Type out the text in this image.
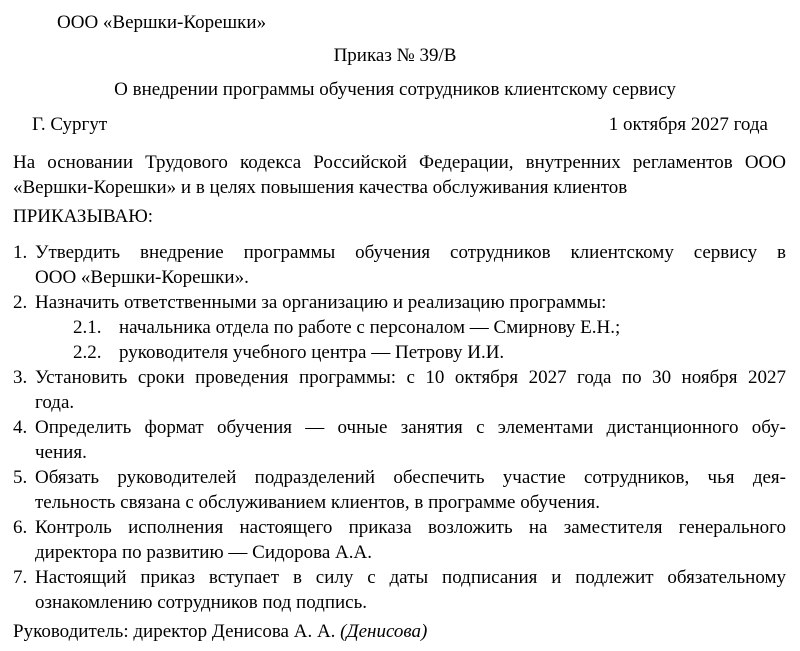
ООО «Вершки-Корешки»
Приказ № 39/В
О внедрении программы обучения сотрудников клиентскому сервису
Г. Сургут	1 октября 2027 года
На основании Трудового кодекса Российской Федерации, внутренних регламентов ООО
«Вершки-Корешки» и в целях повышения качества обслуживания клиентов
ПРИКАЗЫВАЮ:
1. Утвердить внедрение программы обучения сотрудников клиентскому сервису в
ООО «Вершки-Корешки».
2. Назначить ответственными за организацию и реализацию программы:
2.1. начальника отдела по работе с персоналом — Смирнову Е.Н.;
2.2. руководителя учебного центра — Петрову И.И.
3. Установить сроки проведения программы: с 10 октября 2027 года по 30 ноября 2027
года.
4. Определить формат обучения — очные занятия с элементами дистанционного обу-
чения.
5. Обязать руководителей подразделений обеспечить участие сотрудников, чья дея-
тельность связана с обслуживанием клиентов, в программе обучения.
6. Контроль исполнения настоящего приказа возложить на заместителя генерального
директора по развитию — Сидорова А.А.
7. Настоящий приказ вступает в силу с даты подписания и подлежит обязательному
ознакомлению сотрудников под подпись.
Руководитель: директор Денисова А. А. (Денисова)
